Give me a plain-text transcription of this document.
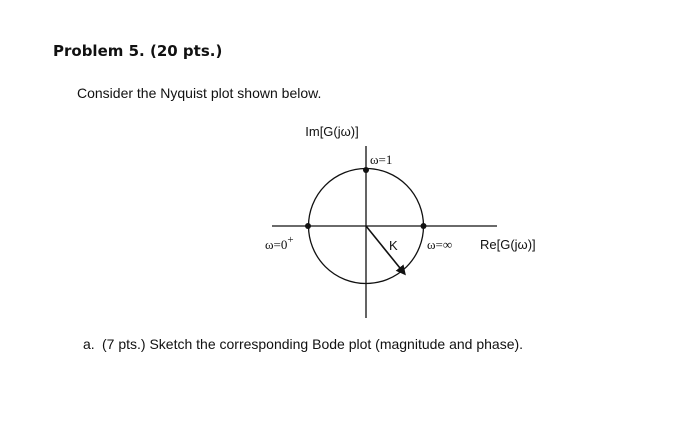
Problem 5. (20 pts.)
Consider the Nyquist plot shown below.
Im[G(jω)]
Re[G(jω)]
ω=1
ω=0+	ω=∞
K
a. (7 pts.) Sketch the corresponding Bode plot (magnitude and phase).
